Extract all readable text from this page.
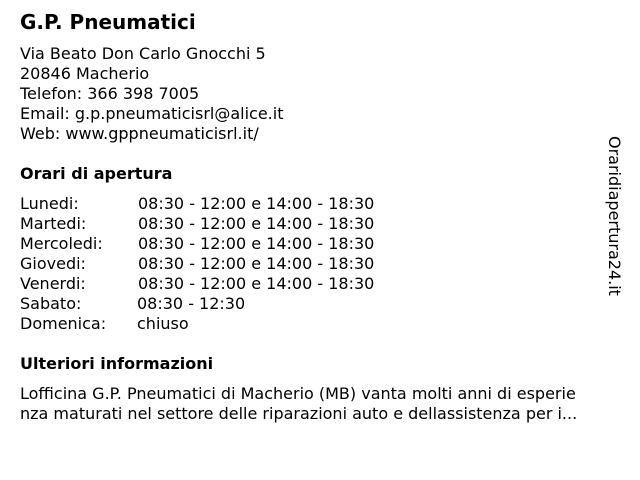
G.P. Pneumatici
Via Beato Don Carlo Gnocchi 5
20846 Macherio
Telefon: 366 398 7005
Email: g.p.pneumaticisrl@alice.it
Web: www.gppneumaticisrl.it/
Orari di apertura
Lunedi:	08:30 - 12:00 e 14:00 - 18:30
Martedi:	08:30 - 12:00 e 14:00 - 18:30
Mercoledi: 08:30 - 12:00 e 14:00 - 18:30
Giovedi:	08:30 - 12:00 e 14:00 - 18:30
Venerdi:	08:30 - 12:00 e 14:00 - 18:30
Sabato:	08:30 - 12:30
Domenica: chiuso
Ulteriori informazioni
Lofficina G.P. Pneumatici di Macherio (MB) vanta molti anni di esperie
nza maturati nel settore delle riparazioni auto e dellassistenza per i...
Oraridiapertura24.it
